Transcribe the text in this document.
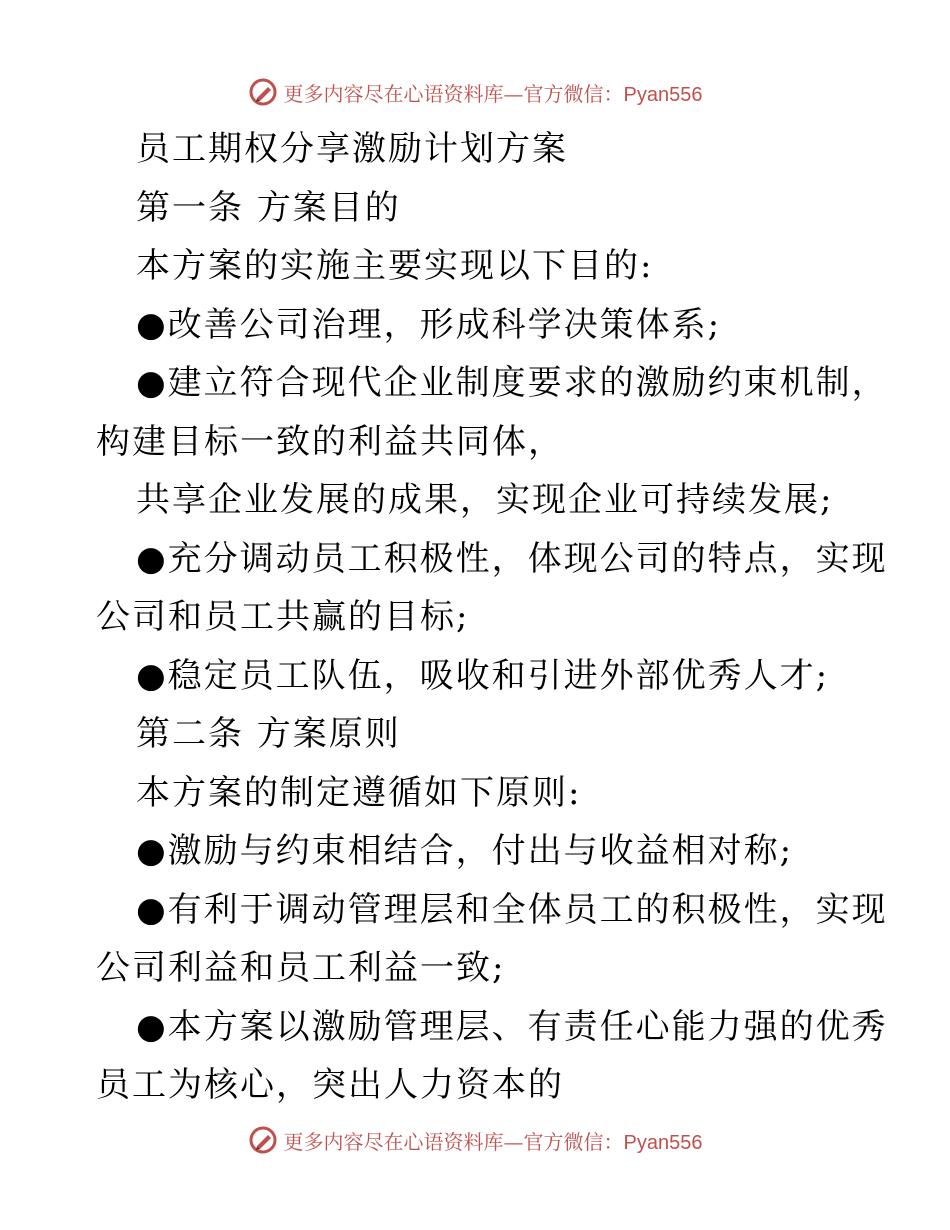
更多内容尽在心语资料库—官方微信：Pyan556
员工期权分享激励计划方案
第一条 方案目的
本方案的实施主要实现以下目的:
●改善公司治理，形成科学决策体系;
●建立符合现代企业制度要求的激励约束机制，
构建目标一致的利益共同体，
共享企业发展的成果，实现企业可持续发展;
●充分调动员工积极性，体现公司的特点，实现
公司和员工共赢的目标;
●稳定员工队伍，吸收和引进外部优秀人才;
第二条 方案原则
本方案的制定遵循如下原则:
●激励与约束相结合，付出与收益相对称;
●有利于调动管理层和全体员工的积极性，实现
公司利益和员工利益一致;
●本方案以激励管理层、有责任心能力强的优秀
员工为核心，突出人力资本的
更多内容尽在心语资料库—官方微信：Pyan556
